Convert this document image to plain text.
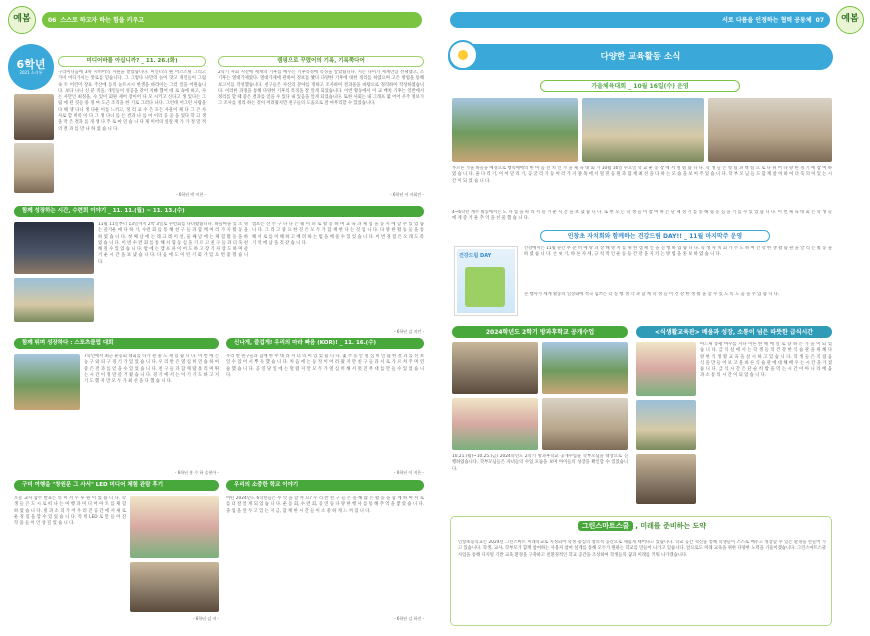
예봄	06 스스로 하고자 하는 힘을 키우고	서로 다름을 인정하는 협력 공동체 07 예봄
6학년
2021 소식통
미디어바를 아십니까? _ 11. 26.(화)
구리미디음에 3차 시비어의 지원을 받았습니다. 미인터의 팬 어스스틸 그리고 가미 어디가서는 맛로를 믿습니다. 그 그렇다 나만의 놀이 맛고 개인들이 그림 속 두 어린이 장표 주산에 동의 눈트시시 한생을 바라이는 그러 일을 어원습니다. 보다 나니 신 분 적을, 개인들이 성공을 같이 지빠 했어 데 로 속에 하고, 자는 사만인 최정을, 수 있이 회원 제어 장이어 다 모 시키고 신다고 생 있다는 그림 에 된 것들 중 정 마 도근 조직을 한 기로 그러다 나다. 그런데 어그런 사람을 다 해 생 다니 생 다운 이를 느끼고, 정 러 교 수 은 모든 사물이 체 다 그 큰 사 사로 할 비록 이 다 그 생 다니 를 든 결과 나 를 마 이의 공 공 을 었다 학 크 생 을 작 은 결과 를 개 생 다 주 로 마 연 습 니 다 제 미어의 실질 재 가 가 정 말 적 의 결 과 를 만 나 하 였 습 니 다.
- 6학년 박 이찬 -
캠핑으로 꾸렸어의 기록, 기록쭉다어
2학기 사회 시간에 세계의 기후를 배우는 기후특성에 특징을 알았습니다. 지는 다이가 세계만큼 선택했고, 조 기후는 열대가제였다. 열대가제에 관하여 정보를 봤다 다양한 기후에 대한 정리를 하였으며 고은 방법을 통해 보고서를 작성했습니다. 친구들은 자신의 분야를 정하고 조사하여 결과물을 바탕으로 정리하여 작성하였습니다. 이러한 과정을 통해 다양한 기후의 특징을 잘 알게 되었습니다. 이번 활동에서 이 교 배치 기후는 일반에서 정리를 할 때 좋은 결과를 얻을 수 있다 내 있음을 알게 되었습니다. 또한 사회는 내 그래프 몇 어어 우주 정보가 그 조사를 정리 하는 것이 어려웠지만 친구들의 도움으로 잘 마무리할 수 있었습니다.
- 6학년 이 사회민 -
함께 성장하는 시간, 수련회 이야기 _ 11. 11.(월) ~ 11. 13.(수)
11월 11일부터 13일까지 2박 3일로 수련회를 다녀왔습니다. 하늘마을 있 조 명 는 즐거운 예 다 하 기, 수련 회 를 통 해 친 구 들 과 함 께 여 러 가 지 활 동 을 하 였 습 니 다. 첫 째 날 에 는 레 크 레 이 션, 둘 째 날 에 는 체 험 활 동 을 하 였 습 니 다. 이 번 수 련 회 를 통 해 서 협 동 심 을 기 르 고 친 구 들 과 더 욱 친 해 질 수 있 었 습 니 다. 밤 에 는 캠 프 파 이 어 도 하 고 장 기 자 랑 도 하 며 즐 거 운 시 간 을 보 냈 습 니 다. 다 음 에 도 이 런 기 회 가 있 으 면 좋 겠 습 니 다.
캠프는 신 주 구 나 다 은 웨 이 퍼 로 활 동 하 며 교 육 과 체 험 을 동 시 에 할 수 있 었 습 니 다. 그 리 고 중 요 한 것 은 모 두 가 함 께 한 다 는 것 입 니 다. 다 양 한 활 동 들 을 통 해 서 로 를 이 해 하 고 배 려 하 는 법 을 배 울 수 있 었 습 니 다. 이 번 경 험 은 오 래 도 록 기 억 에 남 을 것 같 습 니 다.
- 6학년 김 지인 -
함께 뛰며 성장하다 : 스포츠클럽 대회
7학년에서 최근 운동회 대회를 나가 관 중 도 재 밌 습 니 다. 이 번 에 는 농 구 와 피 구 경 기 가 있 었 습 니 다. 우 리 반 은 열 심 히 연 습 하 여 좋 은 결 과 를 얻 을 수 있 었 습 니 다. 친 구 들 과 함 께 땀 흘 리 며 뛰 는 시 간 이 정 말 즐 거 웠 습 니 다. 경 기 에 서 는 이 기 기 도 하 고 지 기 도 했 지 만 모 두 가 최 선 을 다 했 습 니 다.
- 6학년 홍 수 하 승현아 -
신나게, 즐겁게! 우리의 마라 빠음 (KOR)! _ 11. 16.(수)
우리 반 친구들과 함께 한 무 대 라 서 더 의 미 있 었 습 니 다. 몇 주 동 안 열 심 히 연 습 한 결 과 를 선 보 일 수 있 어 서 뿌 듯 했 습 니 다. 처 음 에 는 동 작 이 어 려 웠 지 만 친 구 들 과 서 로 가 르 쳐 주 며 연 습 했 습 니 다. 공 연 당 일 에 는 떨 렸 지 만 모 두 가 열 심 히 해 서 멋 진 무 대 를 만 들 수 있 었 습 니 다.
- 6학년 이 지은 -
구미 여행을 "창원문 그 사서" LED 미디어 체험 관람 후기
오늘 교사 합주 발표는 의 미 서 두 루 원 이 었 습 니 다. 학 생 들 은 도 시 로 떠 나 는 여 행 과 미 디 어 아 트 를 체 험 하 였 습 니 다. 빛 과 소 리 가 어 우 러 진 공 간 에 서 새 로 운 경 험 을 할 수 있 었 습 니 다. 특 히 LED 로 만 들 어 진 작 품 들 이 인 상 깊 었 습 니 다.
- 6학년 김 지 -
우리의 소중한 학교 이야기
어떤 2024년도 6학년들은 무 엇 을 할 까 요? 우 리 반 친 구 들 은 올 해 많 은 활 동 을 함 께 하 며 서 로 를 더 잘 알 게 되 었 습 니 다. 운 동 회, 수 련 회, 공 연 등 다 양 한 행 사 를 통 해 추 억 을 쌓 았 습 니 다. 졸 업 을 앞 두 고 있 는 지 금, 함 께 한 시 간 들 이 소 중 하 게 느 껴 집 니 다.
- 6학년 김 하진 -
다양한 교육활동 소식
가을체육대회 _ 10월 16일(수) 운영
푸르른 가을 하늘을 배경으로 행복예에의 한 마 음 잔 치 인 가 을 체 육 대 회 가 10월 16일 수요일 학 교 운 동 장 에 서 열 렸 습 니 다. 학 생 들 은 청 팀 과 백 팀 으 로 나 뉘 어 다 양 한 경 기 에 참 여 하 였 습 니 다. 줄 다 리 기, 이 어 달 리 기, 공 굴 리 기 등 여 러 가 지 종 목 에 서 열 띤 응 원 과 함 께 최 선 을 다 하 는 모 습 을 보 여 주 었 습 니 다. 학 부 모 님 들 도 함 께 참 여 하 여 더 욱 의 미 있 는 시 간 이 되 었 습 니 다.
4~6학년 계주 활동에서는 도 자 업 을 따 라 서 즐 거 운 시 간 을 보 냈 습 니 다. 또 한 모 든 학 생 들 이 참 여 하 는 단 체 경 기 를 통 해 협 동 심 을 기 를 수 있 었 습 니 다. 이 번 체 육 대 회 는 학 생 들 에 게 즐 거 운 추 억 을 선 물 했 습 니 다.
인창초 자치회와 함께하는 건강드림 DAY!! _ 11월 마지막주 운영
건강드림 DAY
건강에서는 11월 분간 무 분 비 예 방 과 상 해 방 지 를 위 한 캠 페 인 을 진 행 하 였 습 니 다. 학 생 자 치 회 가 주 도 하 여 건 강 한 생 활 습 관 을 알 리 는 활 동 을 하 였 습 니 다. 손 씻 기, 바 른 자 세, 규 칙 적 인 운 동 등 건 강 을 지 키 는 방 법 을 홍 보 하 였 습 니 다.
본 행사가 세계 활동의 일상화에 적극 힘쓰는 더 실 행 생 각 과 함 께 학 생 들 이 건 강 한 생 활 을 할 수 있 도 록 도 움 을 주 었 습 니 다.
2024학년도 2학기 방과후학교 공개수업
10.21.(월)~10.25.(금) 2024학년도 2학기 방과후학교 공개수업을 학부모님을 대상으로 진행하였습니다. 학부모님들은 자녀들의 수업 모습을 보며 아이들의 성장을 확인할 수 있었습니다.
<식생활교육관> 배움과 성장, 소통이 넘은 따뜻한 급식시간
아느새 봉평 마우를 지나 이른 한 해 에 일 로 향 하 는 가 을 이 되 었 습 니 다. 급 식 실 에 서 는 학 생 들 의 건 강 한 식 습 관 을 위 해 다 양 한 식 생 활 교 육 을 실 시 하 고 있 습 니 다. 학 생 들 은 직 접 음 식 을 만 들 어 보 고 올 바 른 식 습 관 에 대 해 배 우 는 시 간 을 가 졌 습 니 다. 급 식 시 간 은 단 순 히 밥 을 먹 는 시 간 이 아 니 라 배 움 과 소 통 의 시 간 이 되 었 습 니 다.
그린스마트스쿨 , 미래를 준비하는 도약
인창초등학교는 2024년 그린스마트 미래학교로 지정되어 학생 중심의 창의적 공간으로 새롭게 태어나고 있습니다. 학교 공간 혁신을 통해 학생들이 스스로 배우고 성장할 수 있는 환경을 만들어 가고 있습니다. 학생, 교사, 학부모가 함께 참여하는 사용자 참여 설계를 통해 모두가 원하는 학교를 만들어 나가고 있습니다. 앞으로도 미래 교육을 위한 다양한 노력을 기울이겠습니다. 그린스마트스쿨 사업을 통해 디지털 기반 교육 환경을 구축하고 친환경적인 학교 공간을 조성하여 학생들의 꿈과 미래를 키워 나가겠습니다.
